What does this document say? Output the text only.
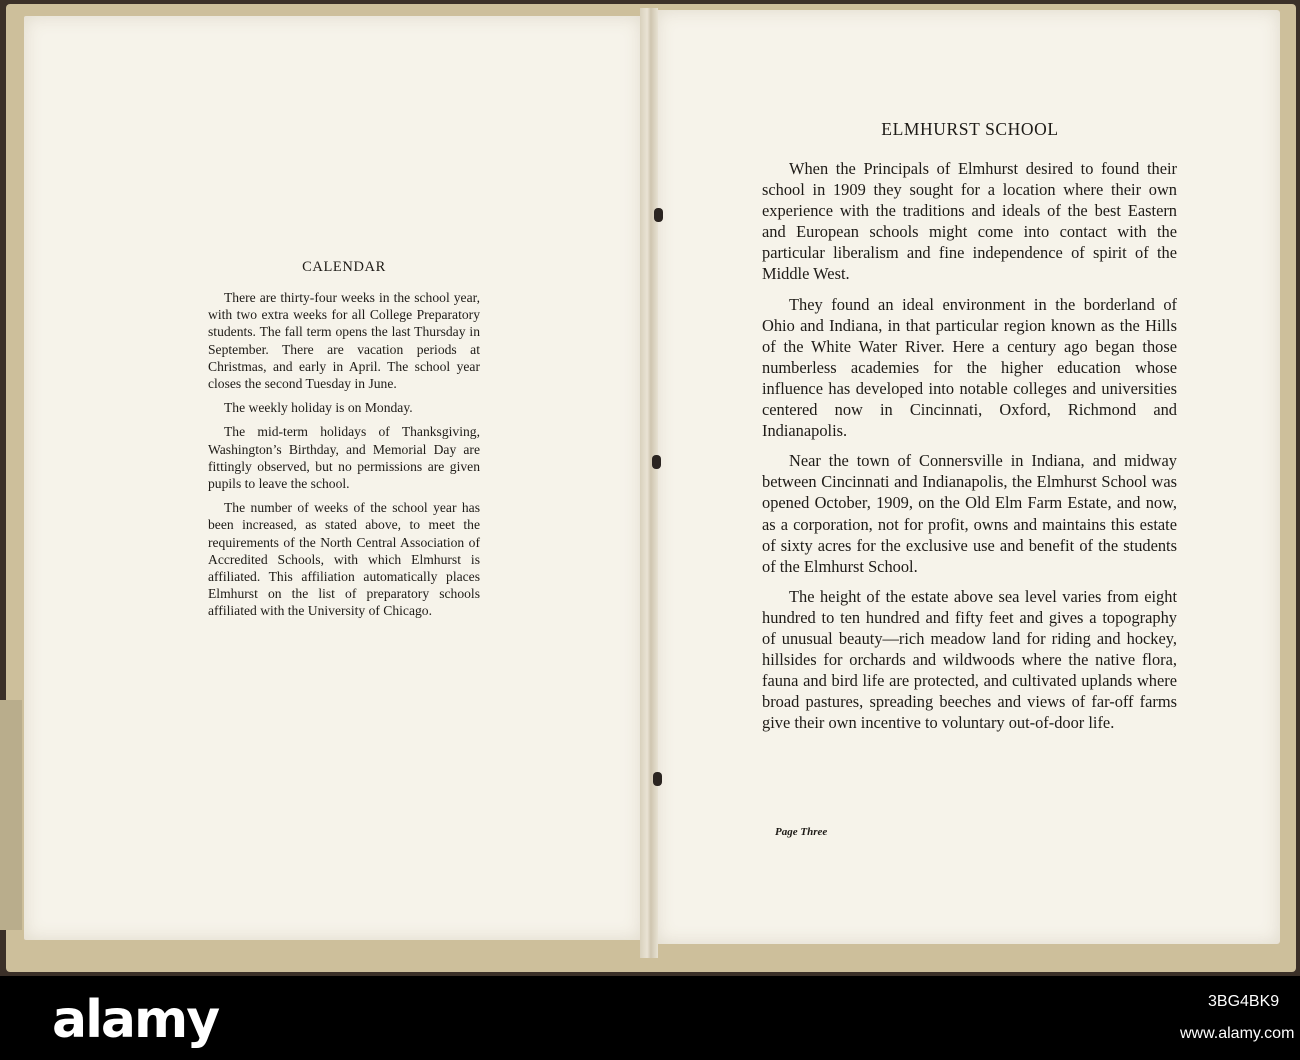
CALENDAR

There are thirty-four weeks in the school year, with two extra weeks for all College Preparatory students. The fall term opens the last Thursday in September. There are vacation periods at Christmas, and early in April. The school year closes the second Tuesday in June.

The weekly holiday is on Monday.

The mid-term holidays of Thanksgiving, Washington’s Birthday, and Memorial Day are fittingly observed, but no permissions are given pupils to leave the school.

The number of weeks of the school year has been increased, as stated above, to meet the requirements of the North Central Association of Accredited Schools, with which Elmhurst is affiliated. This affiliation automatically places Elmhurst on the list of preparatory schools affiliated with the University of Chicago.

ELMHURST SCHOOL

When the Principals of Elmhurst desired to found their school in 1909 they sought for a location where their own experience with the traditions and ideals of the best Eastern and European schools might come into contact with the particular liberalism and fine independence of spirit of the Middle West.

They found an ideal environment in the borderland of Ohio and Indiana, in that particular region known as the Hills of the White Water River. Here a century ago began those numberless academies for the higher education whose influence has developed into notable colleges and universities centered now in Cincinnati, Oxford, Richmond and Indianapolis.

Near the town of Connersville in Indiana, and midway between Cincinnati and Indianapolis, the Elmhurst School was opened October, 1909, on the Old Elm Farm Estate, and now, as a corporation, not for profit, owns and maintains this estate of sixty acres for the exclusive use and benefit of the students of the Elmhurst School.

The height of the estate above sea level varies from eight hundred to ten hundred and fifty feet and gives a topography of unusual beauty—rich meadow land for riding and hockey, hillsides for orchards and wildwoods where the native flora, fauna and bird life are protected, and cultivated uplands where broad pastures, spreading beeches and views of far-off farms give their own incentive to voluntary out-of-door life.

Page Three
alamy	3BG4BK9
www.alamy.com
